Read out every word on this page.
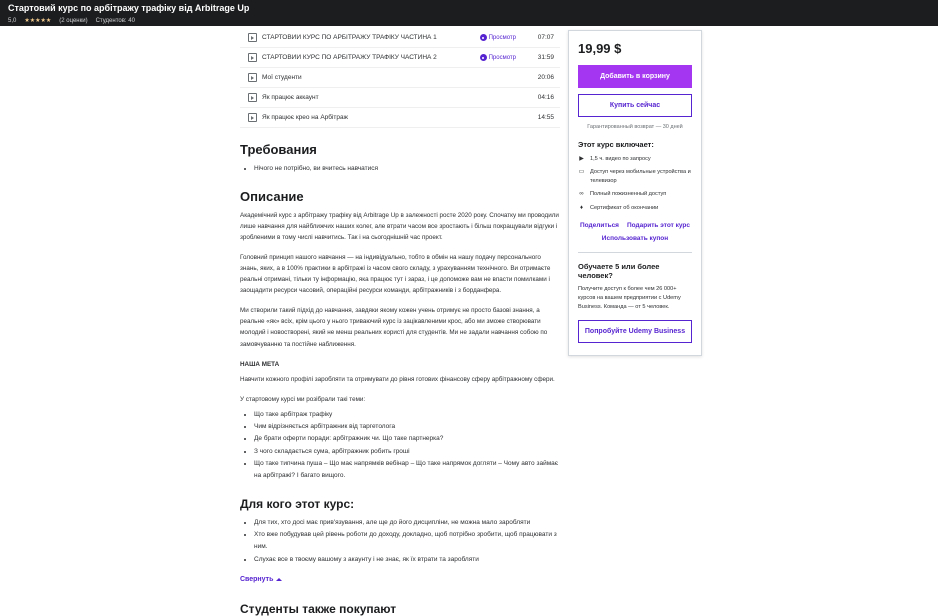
Стартовий курс по арбітражу трафіку від Arbitrage Up
5,0 ★★★★★ (2 оценки) Студентов: 40
СТАРТОВИЙ КУРС ПО АРБІТРАЖУ ТРАФІКУ ЧАСТИНА 1	Просмотр	07:07
СТАРТОВИЙ КУРС ПО АРБІТРАЖУ ТРАФІКУ ЧАСТИНА 2	Просмотр	31:59
Мої студенти	20:06
Як працює аккаунт	04:16
Як працює крео на Арбітраж	14:55
Требования
• Нічого не потрібно, ви вчитесь навчатися
Описание

Академічний курс з арбітражу трафіку від Arbitrage Up в залежності росте 2020 року. Спочатку ми проводили лише навчання для найближчих наших колег, але втрати часом все зростають і більш покращували відгуки і зробленими в тому числі навчитись. Так і на сьогоднішній час проект.

Головний принцип нашого навчання — на індивідуально, тобто в обмін на нашу подачу персонального знань, яких, а в 100% практики в арбітражі із часом свого складу, з урахуванням технічного. Ви отримаєте реальні отримані, тільки ту інформацію, яка працює тут і зараз, і це допоможе вам не впасти помилками і заощадити ресурси часовий, операційні ресурси команди, арбітражників і з борданфера.

Ми створили такий підхід до навчання, завдяки якому кожен учень отримує не просто базові знання, а реальне «як» всіх, крім цього у нього триваючий курс із зацікавленими крос, або ми зможе створювати молодий і новостворені, який не менш реальних користі для студентів. Ми не задали навчання собою по замовчуванню та постійне наближення.

НАША МЕТА

Навчити кожного профілі заробляти та отримувати до рівня готових фінансову сферу арбітражному сфери.

У стартовому курсі ми розібрали такі теми:

• Що таке арбітраж трафіку
• Чим відрізняється арбітражник від таргетолога
• Де брати оферти поради: арбітражник чи. Що таке партнерка?
• З чого складається сума, арбітражник робить гроші
• Що таке типчина пуша – Що має напрямків вебінар – Що таке напрямок догляти – Чому авто займає на арбітражі? І багато вищого.
Для кого этот курс:
• Для тих, хто досі має прив'язування, але ще до його дисципліни, не можна мало заробляти
• Хто вже побудував цей рівень роботи до доходу, докладно, щоб потрібно зробити, щоб працювати з ним.
• Слухає все в твоєму вашому з акаунту і не знає, як їх втрати та заробляти
Свернуть
Студенты также покупают
19,99 $
Добавить в корзину
Купить сейчас
Гарантированный возврат — 30 дней
Этот курс включает:
▶ 1,5 ч. видео по запросу
▭ Доступ через мобильные устройства и телевизор
∞ Полный пожизненный доступ
♦	Сертификат об окончании
Поделиться Подарить этот курс
Использовать купон
Обучаете 5 или более человек?
Получите доступ к более чем 26 000+ курсов на вашем предприятии с Udemy Business. Команда — от 5 человек.
Попробуйте Udemy Business
